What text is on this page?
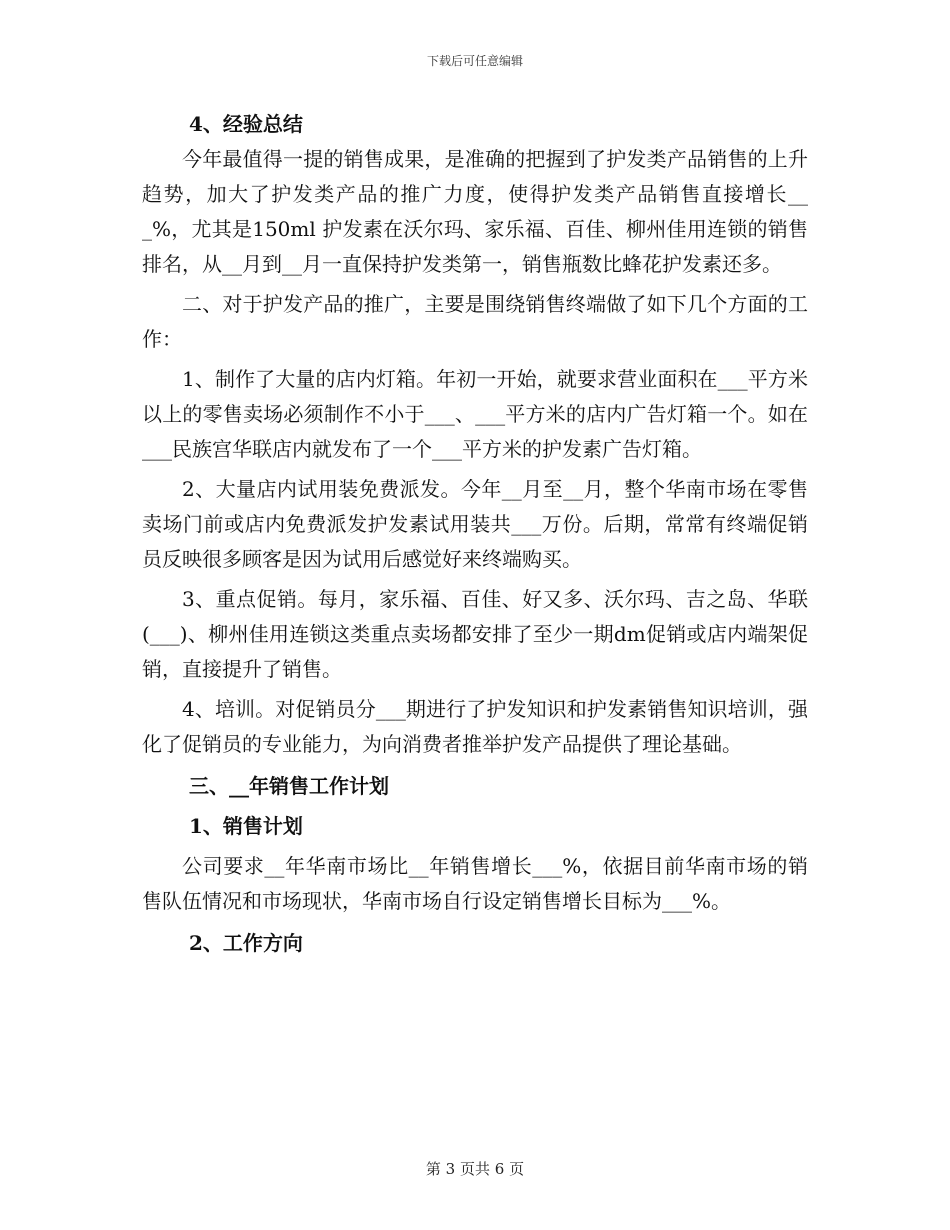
下载后可任意编辑

4、经验总结

今年最值得一提的销售成果，是准确的把握到了护发类产品销售的上升趋势，加大了护发类产品的推广力度，使得护发类产品销售直接增长___%，尤其是150ml 护发素在沃尔玛、家乐福、百佳、柳州佳用连锁的销售排名，从__月到__月一直保持护发类第一，销售瓶数比蜂花护发素还多。

二、对于护发产品的推广，主要是围绕销售终端做了如下几个方面的工作：

1、制作了大量的店内灯箱。年初一开始，就要求营业面积在___平方米以上的零售卖场必须制作不小于___、___平方米的店内广告灯箱一个。如在___民族宫华联店内就发布了一个___平方米的护发素广告灯箱。

2、大量店内试用装免费派发。今年__月至__月，整个华南市场在零售卖场门前或店内免费派发护发素试用装共___万份。后期，常常有终端促销员反映很多顾客是因为试用后感觉好来终端购买。

3、重点促销。每月，家乐福、百佳、好又多、沃尔玛、吉之岛、华联(___)、柳州佳用连锁这类重点卖场都安排了至少一期dm促销或店内端架促销，直接提升了销售。

4、培训。对促销员分___期进行了护发知识和护发素销售知识培训，强化了促销员的专业能力，为向消费者推举护发产品提供了理论基础。

三、__年销售工作计划

1、销售计划

公司要求__年华南市场比__年销售增长___%，依据目前华南市场的销售队伍情况和市场现状，华南市场自行设定销售增长目标为___%。

2、工作方向

第 3 页共 6 页
